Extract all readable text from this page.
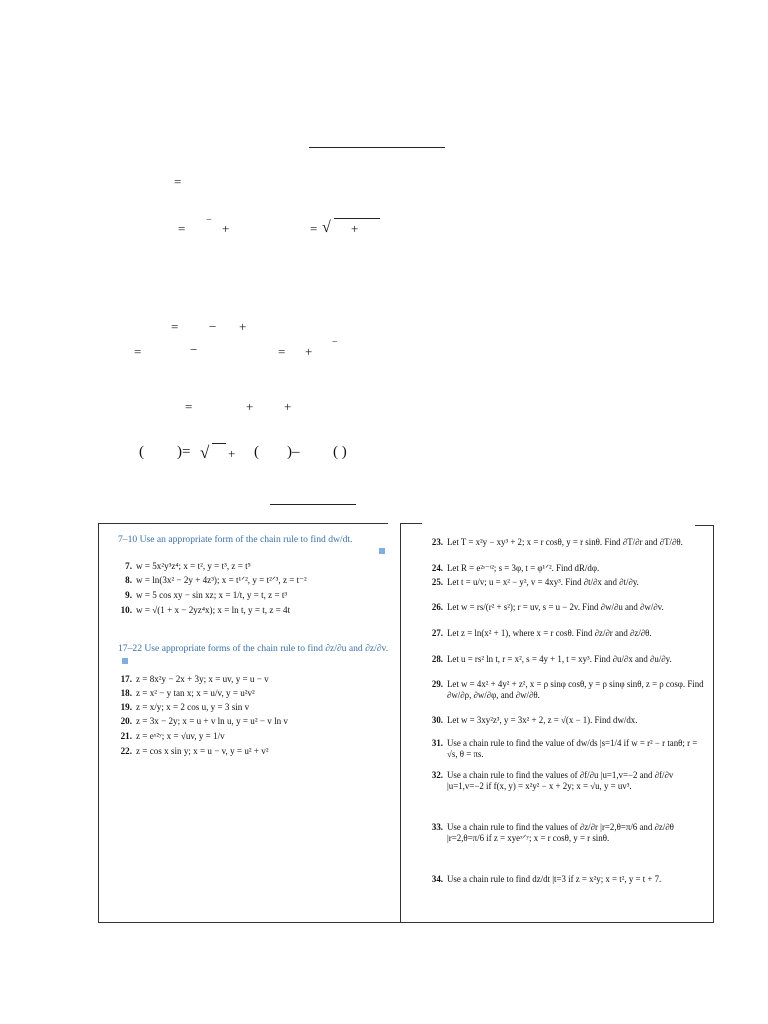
=
=
−
+	= √ +
= − +
=	−	= +
−
=	+ +
( )= √ + ( )– ( )
7–10 Use an appropriate form of the chain rule to find dw/dt.
7. w = 5x²y³z⁴; x = t², y = t³, z = t⁵
8. w = ln(3x² − 2y + 4z³); x = t¹ᐟ², y = t²ᐟ³, z = t⁻²
9. w = 5 cos xy − sin xz; x = 1/t, y = t, z = t³
10. w = √(1 + x − 2yz⁴x); x = ln t, y = t, z = 4t
17–22 Use appropriate forms of the chain rule to find ∂z/∂u and ∂z/∂v.
17. z = 8x²y − 2x + 3y; x = uv, y = u − v
18. z = x² − y tan x; x = u/v, y = u²v²
19. z = x/y; x = 2 cos u, y = 3 sin v
20. z = 3x − 2y; x = u + v ln u, y = u² − v ln v
21. z = eˣ²ʸ; x = √uv, y = 1/v
22. z = cos x sin y; x = u − v, y = u² + v²
23. Let T = x²y − xy³ + 2; x = r cosθ, y = r sinθ. Find ∂T/∂r and ∂T/∂θ.
24. Let R = e²ˢ⁻ᵗ²; s = 3φ, t = φ¹ᐟ². Find dR/dφ.
25. Let t = u/v; u = x² − y², v = 4xy³. Find ∂t/∂x and ∂t/∂y.
26. Let w = rs/(r² + s²); r = uv, s = u − 2v. Find ∂w/∂u and ∂w/∂v.
27. Let z = ln(x² + 1), where x = r cosθ. Find ∂z/∂r and ∂z/∂θ.
28. Let u = rs² ln t, r = x², s = 4y + 1, t = xy³. Find ∂u/∂x and ∂u/∂y.
29. Let w = 4x² + 4y² + z², x = ρ sinφ cosθ, y = ρ sinφ sinθ, z = ρ cosφ. Find ∂w/∂ρ, ∂w/∂φ, and ∂w/∂θ.
30. Let w = 3xy²z³, y = 3x² + 2, z = √(x − 1). Find dw/dx.
31. Use a chain rule to find the value of dw/ds |s=1/4 if w = r² − r tanθ; r = √s, θ = πs.
32. Use a chain rule to find the values of ∂f/∂u |u=1,v=−2 and ∂f/∂v |u=1,v=−2 if f(x, y) = x²y² − x + 2y; x = √u, y = uv³.
33. Use a chain rule to find the values of ∂z/∂r |r=2,θ=π/6 and ∂z/∂θ |r=2,θ=π/6 if z = xyeˣᐟʸ; x = r cosθ, y = r sinθ.
34. Use a chain rule to find dz/dt |t=3 if z = x²y; x = t², y = t + 7.
